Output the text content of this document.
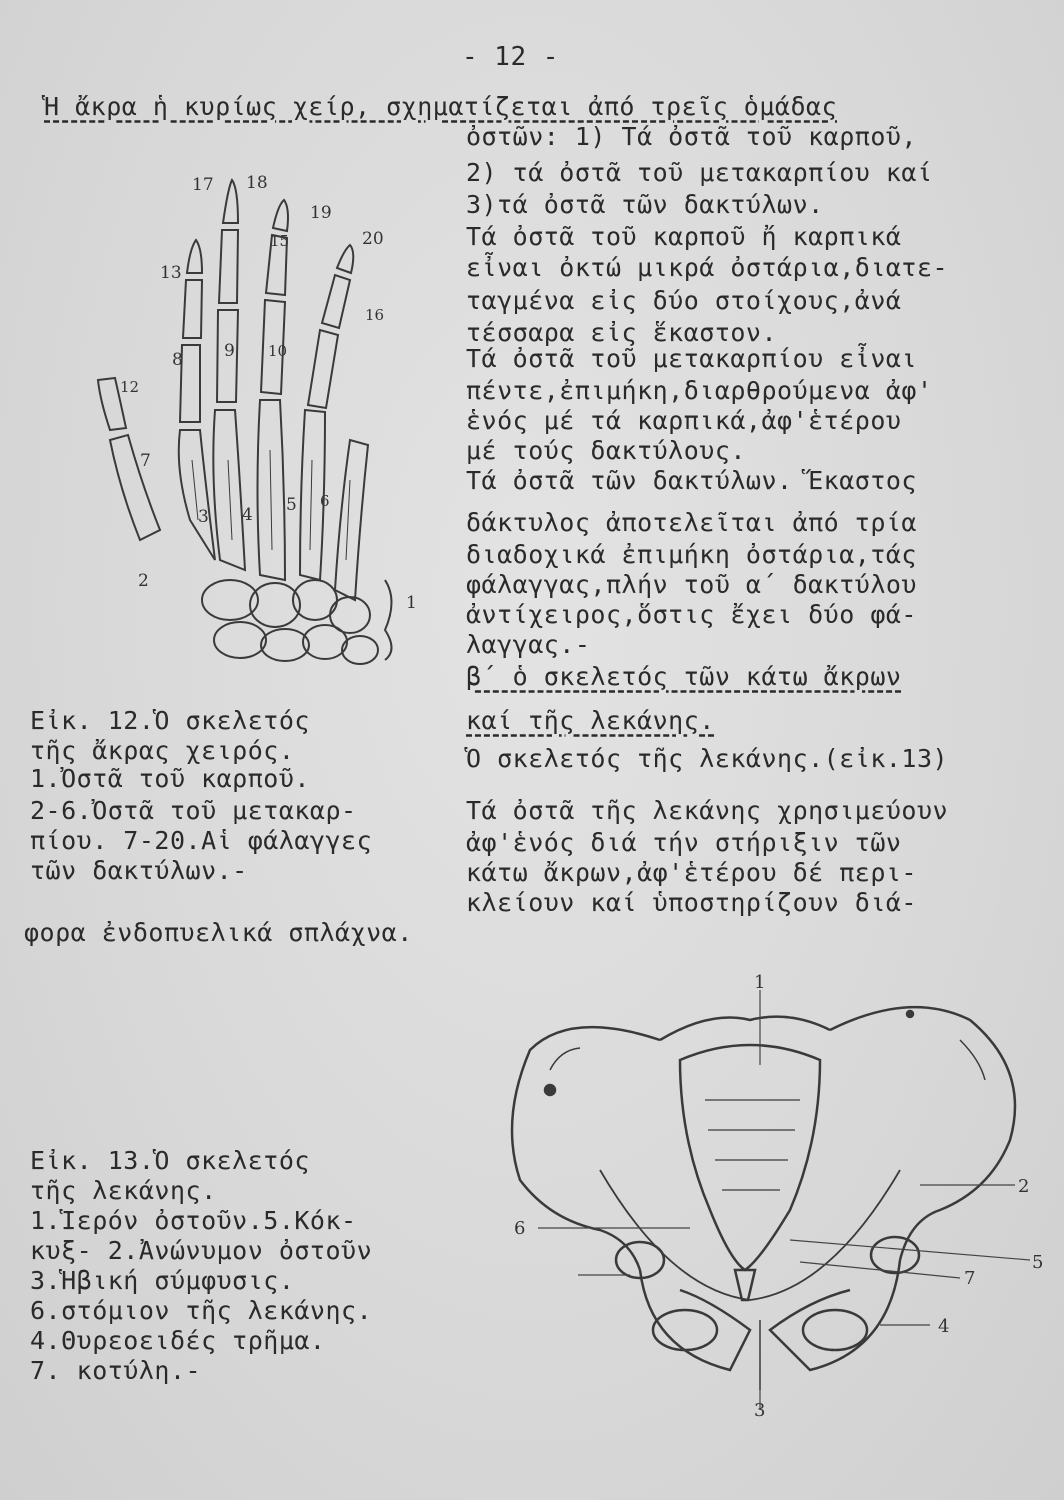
- 12 -
Ἡ ἄκρα ἡ κυρίως χείρ, σχηματίζεται ἀπό τρεῖς ὁμάδας
ὀστῶν: 1) Τά ὀστᾶ τοῦ καρποῦ,
2) τά ὀστᾶ τοῦ μετακαρπίου καί
3)τά ὀστᾶ τῶν δακτύλων.
Τά ὀστᾶ τοῦ καρποῦ ἤ καρπικά
εἶναι ὀκτώ μικρά ὀστάρια,διατε-
ταγμένα εἰς δύο στοίχους,ἀνά
τέσσαρα εἰς ἕκαστον.
Τά ὀστᾶ τοῦ μετακαρπίου εἶναι
πέντε,ἐπιμήκη,διαρθρούμενα ἀφ'
ἑνός μέ τά καρπικά,ἀφ'ἑτέρου
μέ τούς δακτύλους.
Τά ὀστᾶ τῶν δακτύλων. Ἕκαστος
δάκτυλος ἀποτελεῖται ἀπό τρία
διαδοχικά ἐπιμήκη ὀστάρια,τάς
φάλαγγας,πλήν τοῦ α΄ δακτύλου
ἀντίχειρος,ὅστις ἔχει δύο φά-
λαγγας.-
β΄ ὁ σκελετός τῶν κάτω ἄκρων
καί τῆς λεκάνης.
Ὁ σκελετός τῆς λεκάνης.(εἰκ.13)
Τά ὀστᾶ τῆς λεκάνης χρησιμεύουν
ἀφ'ἑνός διά τήν στήριξιν τῶν
κάτω ἄκρων,ἀφ'ἑτέρου δέ περι-
κλείουν καί ὑποστηρίζουν διά-
φορα ἐνδοπυελικά σπλάχνα.
Εἰκ. 12.Ὁ σκελετός
τῆς ἄκρας χειρός.
1.Ὀστᾶ τοῦ καρποῦ.
2-6.Ὀστᾶ τοῦ μετακαρ-
πίου. 7-20.Αἱ φάλαγγες
τῶν δακτύλων.-
Εἰκ. 13.Ὁ σκελετός
τῆς λεκάνης.
1.Ἱερόν ὀστοῦν.5.Κόκ-
κυξ- 2.Ἀνώνυμον ὀστοῦν
3.Ἡβική σύμφυσις.
6.στόμιον τῆς λεκάνης.
4.Θυρεοειδές τρῆμα.
7. κοτύλη.-
17 18
19
20
15
13
16
8 9 10
12
7
3 4 5 6
2
1
1
2
5
7
6
4
3
